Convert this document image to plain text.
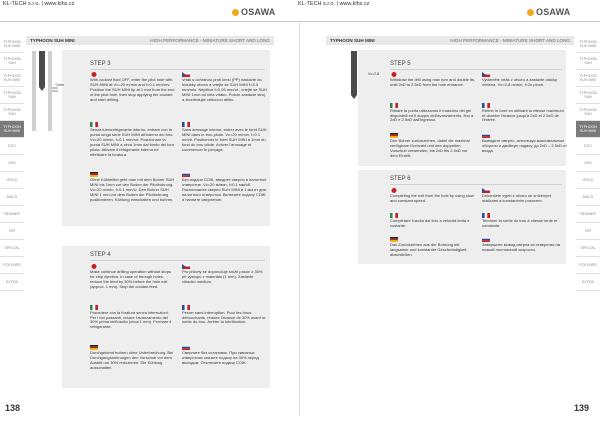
KL-TECH s.r.o. | www.klhs.cz
OSAWA
KL-TECH s.r.o. | www.klhs.cz
OSAWA
TYPHOON SUH MINI	HIGH PERFORMANCE - MINIATURE SHORT AND LONG	TYPHOON SUH MINI	HIGH PERFORMANCE - MINIATURE SHORT AND LONG
TYPHOON SUH MINI
TYPHOON SUH
TYPHOON SUH MINI
TYPHOON SUH
TYPHOON SUH
TYPHOON SUH MINI
EXO
HSS
HSS-E
MULTI
REAMER
TAP
SPECIAL
POLYMER
EXTRA
TYPHOON SUH MINI
TYPHOON SUH
TYPHOON SUH MINI
TYPHOON SUH
TYPHOON SUH
TYPHOON SUH MINI
EXO
HSS
HSS-E
MULTI
REAMER
TAP
SPECIAL
POLYMER
EXTRA
~1mm
STEP 3
With coolant fluid OFF, enter the pilot hole with SUH MINI at Vc=20 m/min and f=0.1 mm/rev. Position the SUH MINI tip at 1 mm from the end of the pilot hole, then stop applying the coolant and start drilling.
Vrták s ochranou proti lomu (PP) nastavte do hloubky otvoru a vrtejte se SUH MINI f=3-5 mm/min. Nejdříve f=0.05 mm/ot., vrtejte se SUH MINI 1mm od čela vrtáku. Potom zastavte stroj a zkontrolujte celkovou délku.
Senza lubrorefrigerante interno, entrare con la punta lunga serie SUH MINI all'interno del foro. Vc=20 m/min, f=0.1 mm/rot. Posizionare la punta SUH MINI a circa 1mm dal fondo del foro pilota. Attivare il refrigerante interno ed effettuare la foratura.
Sans arrosage interne, entrer avec le foret SUH MINI dans le trou pilote. Vc=20 m/min, f=0.1 mm/tr. Positionner le foret SUH MINI à 1mm du fond du trou pilote. Activer l'arrosage et commencer le perçage.
Ohne Kühlmittel geht man mit dem Bohrer SUH MINI bis 1mm vor den Boden der Pilotbohrung. Vc=20 m/min, f=0.1 mm/U. Den Bohrer SUH MINI 1 mm vor dem Boden der Pilotbohrung positionieren. Kühlung einschalten und bohren.
Без подачи СОЖ, введите сверло в пилотное отверстие. Vc=20 м/мин, f=0.1 мм/об. Расположите сверло SUH MINI в 1 мм от дна пилотного отверстия. Включите подачу СОЖ и начните сверление.
STEP 4
Make continue drilling operation without stops for chip ejection. In case of through holes, reduce the feed by 30% before the hole exit (approx. 1 mm). Stop the coolant feed.
Pro průvrty se doporučuje snížit posuv o 30% při výstupu z materiálu (1 mm). Zastavte chladicí médium.
Procedere con la foratura senza interruzioni. Per i fori passanti, ridurre l'avanzamento del 30% prima dell'uscita (circa 1 mm). Fermare il refrigerante.
Percer sans interruption. Pour les trous débouchants, réduire l'avance de 30% avant la sortie du trou. Arrêter la lubrification.
Durchgehend bohren ohne Unterbrechung. Bei Durchgangsbohrungen den Vorschub vor dem Austritt um 30% reduzieren. Die Kühlung ausschalten.
Сверлите без остановок. При сквозных отверстиях снизьте подачу на 30% перед выходом. Отключите подачу СОЖ.
Vc=2-8
STEP 5
Withdraw the drill using max rpm and double its, until 2xD to 2.5xD from the hole entrance.
Vytáhněte vrták z otvoru a zastavte otáčky vřetena. Vc=2-8 m/min, f=2x ploch.
Ritirare la punta utilizzando il massimo dei giri disponibili ed il doppio dell'avanzamento, fino a 2xD e 2.5xD dall'ingresso.
Retirer le foret en utilisant la vitesse maximum et doubler l'avance jusqu'à 2xD et 2.5xD de l'entrée.
Den Bohrer zurückziehen, dabei die maximal verfügbare Drehzahl und den doppelten Vorschub verwenden, bis 2xD bis 2.5xD vor dem Eintritt.
Выведите сверло, используя максимальные обороты и двойную подачу, до 2xD – 2.5xD от входа.
STEP 6
Completing the exit from the hole by using slow and constant speed.
Dokončete vyjetí z otvoru se sníženými otáčkami a konstantním posuvem.
Completare l'uscita dal foro a velocità lenta e costante.
Terminer la sortie du trou à vitesse lente et constante.
Das Zurückziehen aus der Bohrung mit langsamer und konstanter Geschwindigkeit abschließen.
Завершите вывод сверла из отверстия на низкой постоянной скорости.
138	139
